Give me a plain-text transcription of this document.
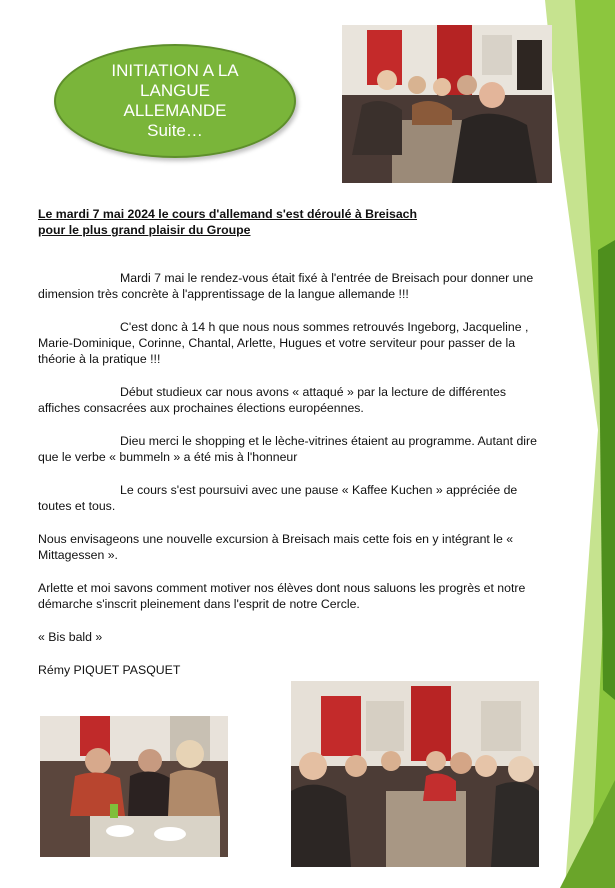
INITIATION A LA
LANGUE
ALLEMANDE
Suite…

Le mardi 7 mai 2024 le cours d'allemand s'est déroulé à Breisach

pour le plus grand plaisir du Groupe

Mardi 7 mai le rendez-vous était fixé à l'entrée de Breisach pour donner une dimension très concrète à l'apprentissage de la langue allemande !!!

C'est donc à 14 h que nous nous sommes retrouvés Ingeborg, Jacqueline , Marie-Dominique, Corinne, Chantal, Arlette, Hugues et votre serviteur pour passer de la théorie à la pratique !!!

Début studieux car nous avons « attaqué » par la lecture de différentes affiches consacrées aux prochaines élections européennes.

Dieu merci le shopping et le lèche-vitrines étaient au programme. Autant dire que le verbe « bummeln » a été mis à l'honneur

Le cours s'est poursuivi avec une pause « Kaffee Kuchen » appréciée de toutes et tous.

Nous envisageons une nouvelle excursion à Breisach mais cette fois en y intégrant le « Mittagessen ».

Arlette et moi savons comment motiver nos élèves dont nous saluons les progrès et notre démarche s'inscrit pleinement dans l'esprit de notre Cercle.

« Bis bald »

Rémy PIQUET PASQUET
